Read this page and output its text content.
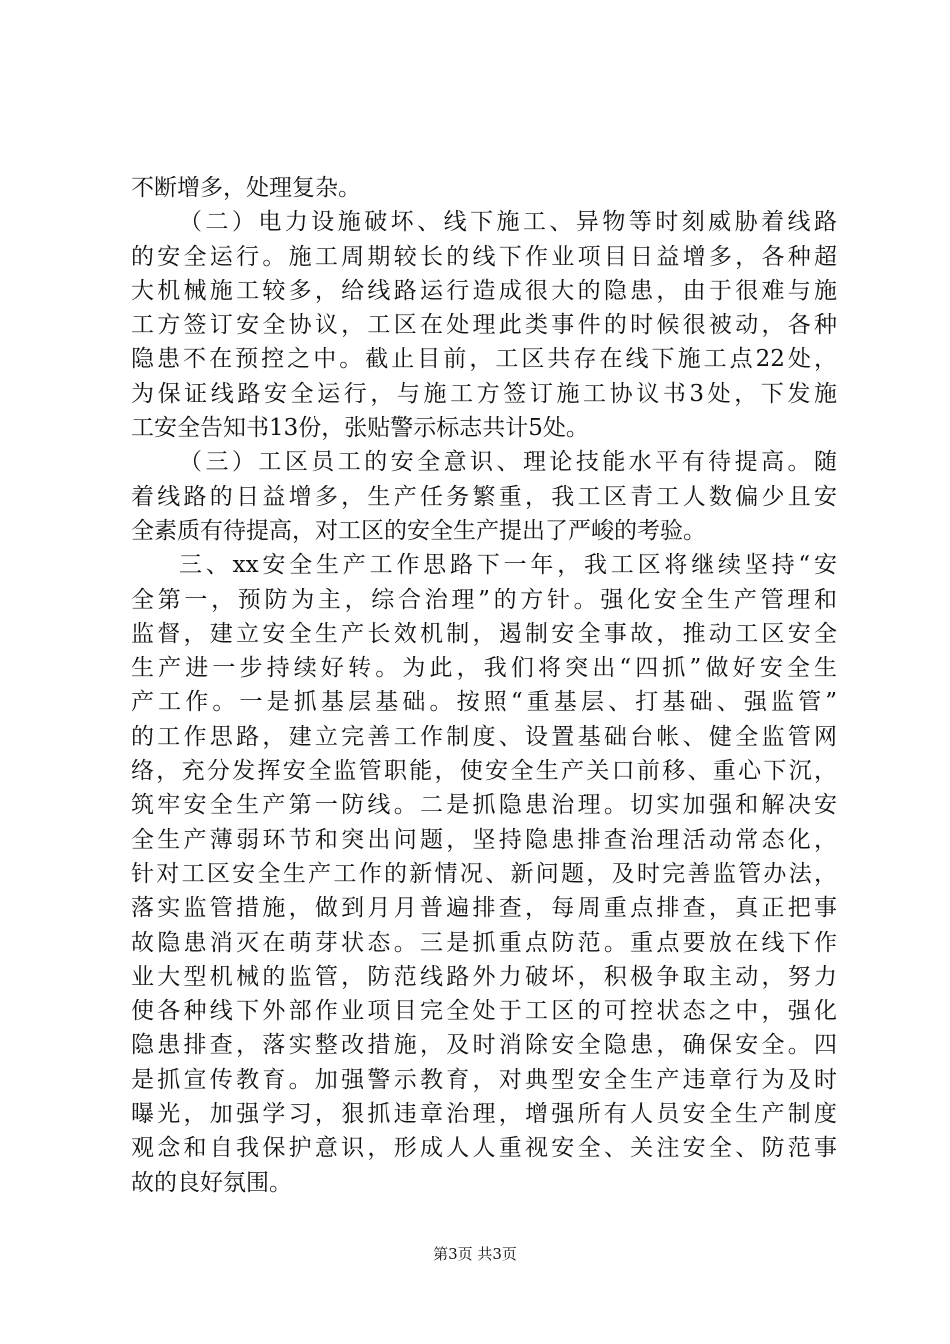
不断增多，处理复杂。
（二）电力设施破坏、线下施工、异物等时刻威胁着线路
的安全运行。施工周期较长的线下作业项目日益增多，各种超
大机械施工较多，给线路运行造成很大的隐患，由于很难与施
工方签订安全协议，工区在处理此类事件的时候很被动，各种
隐患不在预控之中。截止目前，工区共存在线下施工点22处，
为保证线路安全运行，与施工方签订施工协议书3处，下发施
工安全告知书13份，张贴警示标志共计5处。
（三）工区员工的安全意识、理论技能水平有待提高。随
着线路的日益增多，生产任务繁重，我工区青工人数偏少且安
全素质有待提高，对工区的安全生产提出了严峻的考验。
三、xx安全生产工作思路下一年，我工区将继续坚持“安
全第一，预防为主，综合治理”的方针。强化安全生产管理和
监督，建立安全生产长效机制，遏制安全事故，推动工区安全
生产进一步持续好转。为此，我们将突出“四抓”做好安全生
产工作。一是抓基层基础。按照“重基层、打基础、强监管”
的工作思路，建立完善工作制度、设置基础台帐、健全监管网
络，充分发挥安全监管职能，使安全生产关口前移、重心下沉，
筑牢安全生产第一防线。二是抓隐患治理。切实加强和解决安
全生产薄弱环节和突出问题，坚持隐患排查治理活动常态化，
针对工区安全生产工作的新情况、新问题，及时完善监管办法，
落实监管措施，做到月月普遍排查，每周重点排查，真正把事
故隐患消灭在萌芽状态。三是抓重点防范。重点要放在线下作
业大型机械的监管，防范线路外力破坏，积极争取主动，努力
使各种线下外部作业项目完全处于工区的可控状态之中，强化
隐患排查，落实整改措施，及时消除安全隐患，确保安全。四
是抓宣传教育。加强警示教育，对典型安全生产违章行为及时
曝光，加强学习，狠抓违章治理，增强所有人员安全生产制度
观念和自我保护意识，形成人人重视安全、关注安全、防范事
故的良好氛围。
第3页 共3页
